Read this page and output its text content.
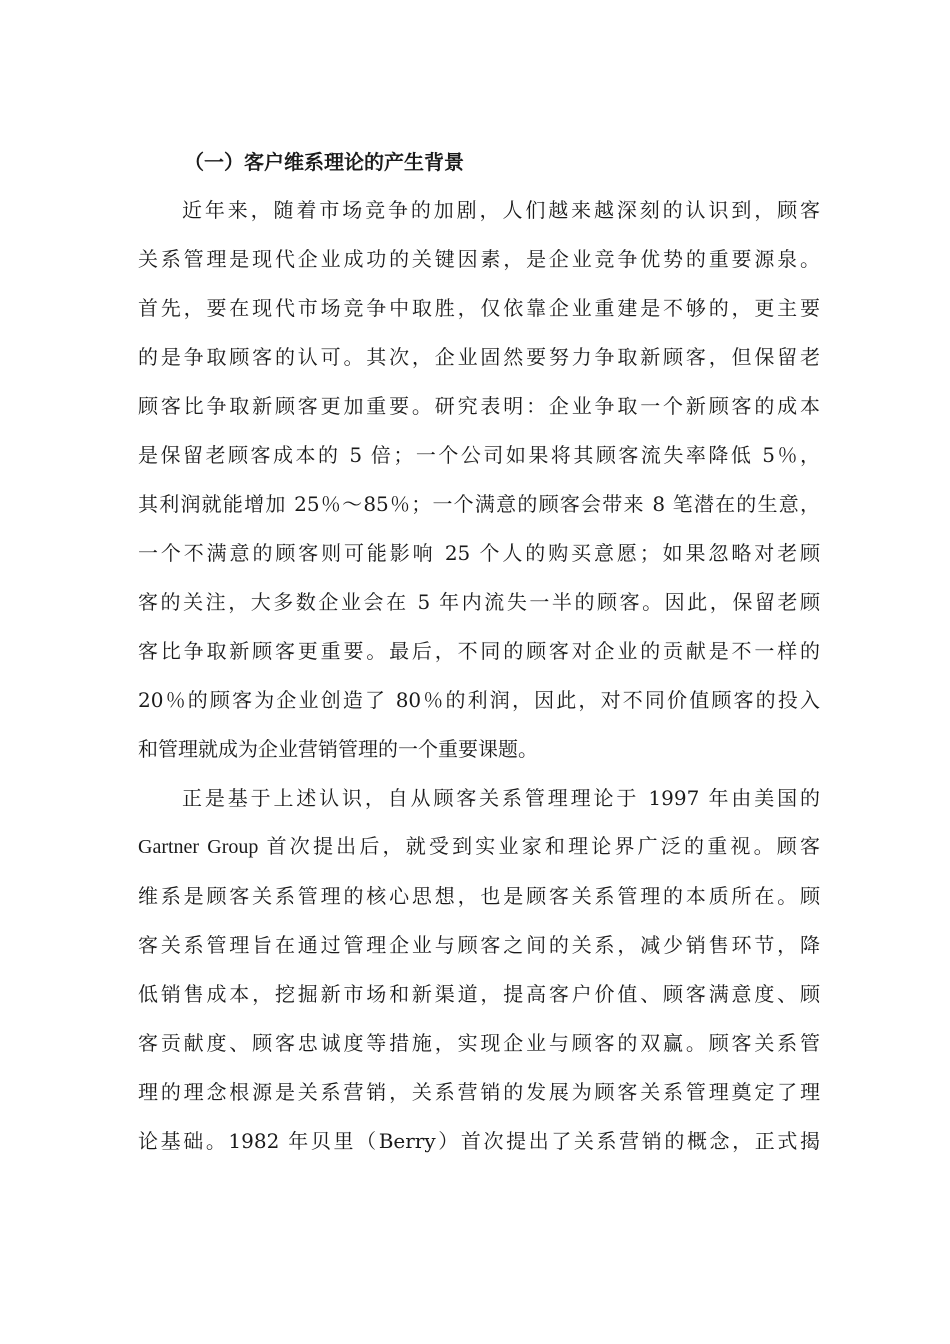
（一）客户维系理论的产生背景
近年来，随着市场竞争的加剧，人们越来越深刻的认识到，顾客
关系管理是现代企业成功的关键因素，是企业竞争优势的重要源泉。
首先，要在现代市场竞争中取胜，仅依靠企业重建是不够的，更主要
的是争取顾客的认可。其次，企业固然要努力争取新顾客，但保留老
顾客比争取新顾客更加重要。研究表明：企业争取一个新顾客的成本
是保留老顾客成本的 5 倍；一个公司如果将其顾客流失率降低 5％，
其利润就能增加 25％～85％；一个满意的顾客会带来 8 笔潜在的生意，
一个不满意的顾客则可能影响 25 个人的购买意愿；如果忽略对老顾
客的关注，大多数企业会在 5 年内流失一半的顾客。因此，保留老顾
客比争取新顾客更重要。最后，不同的顾客对企业的贡献是不一样的
20％的顾客为企业创造了 80％的利润，因此，对不同价值顾客的投入
和管理就成为企业营销管理的一个重要课题。
正是基于上述认识，自从顾客关系管理理论于 1997 年由美国的
Gartner Group 首次提出后，就受到实业家和理论界广泛的重视。顾客
维系是顾客关系管理的核心思想，也是顾客关系管理的本质所在。顾
客关系管理旨在通过管理企业与顾客之间的关系，减少销售环节，降
低销售成本，挖掘新市场和新渠道，提高客户价值、顾客满意度、顾
客贡献度、顾客忠诚度等措施，实现企业与顾客的双赢。顾客关系管
理的理念根源是关系营销，关系营销的发展为顾客关系管理奠定了理
论基础。1982 年贝里（Berry）首次提出了关系营销的概念，正式揭
